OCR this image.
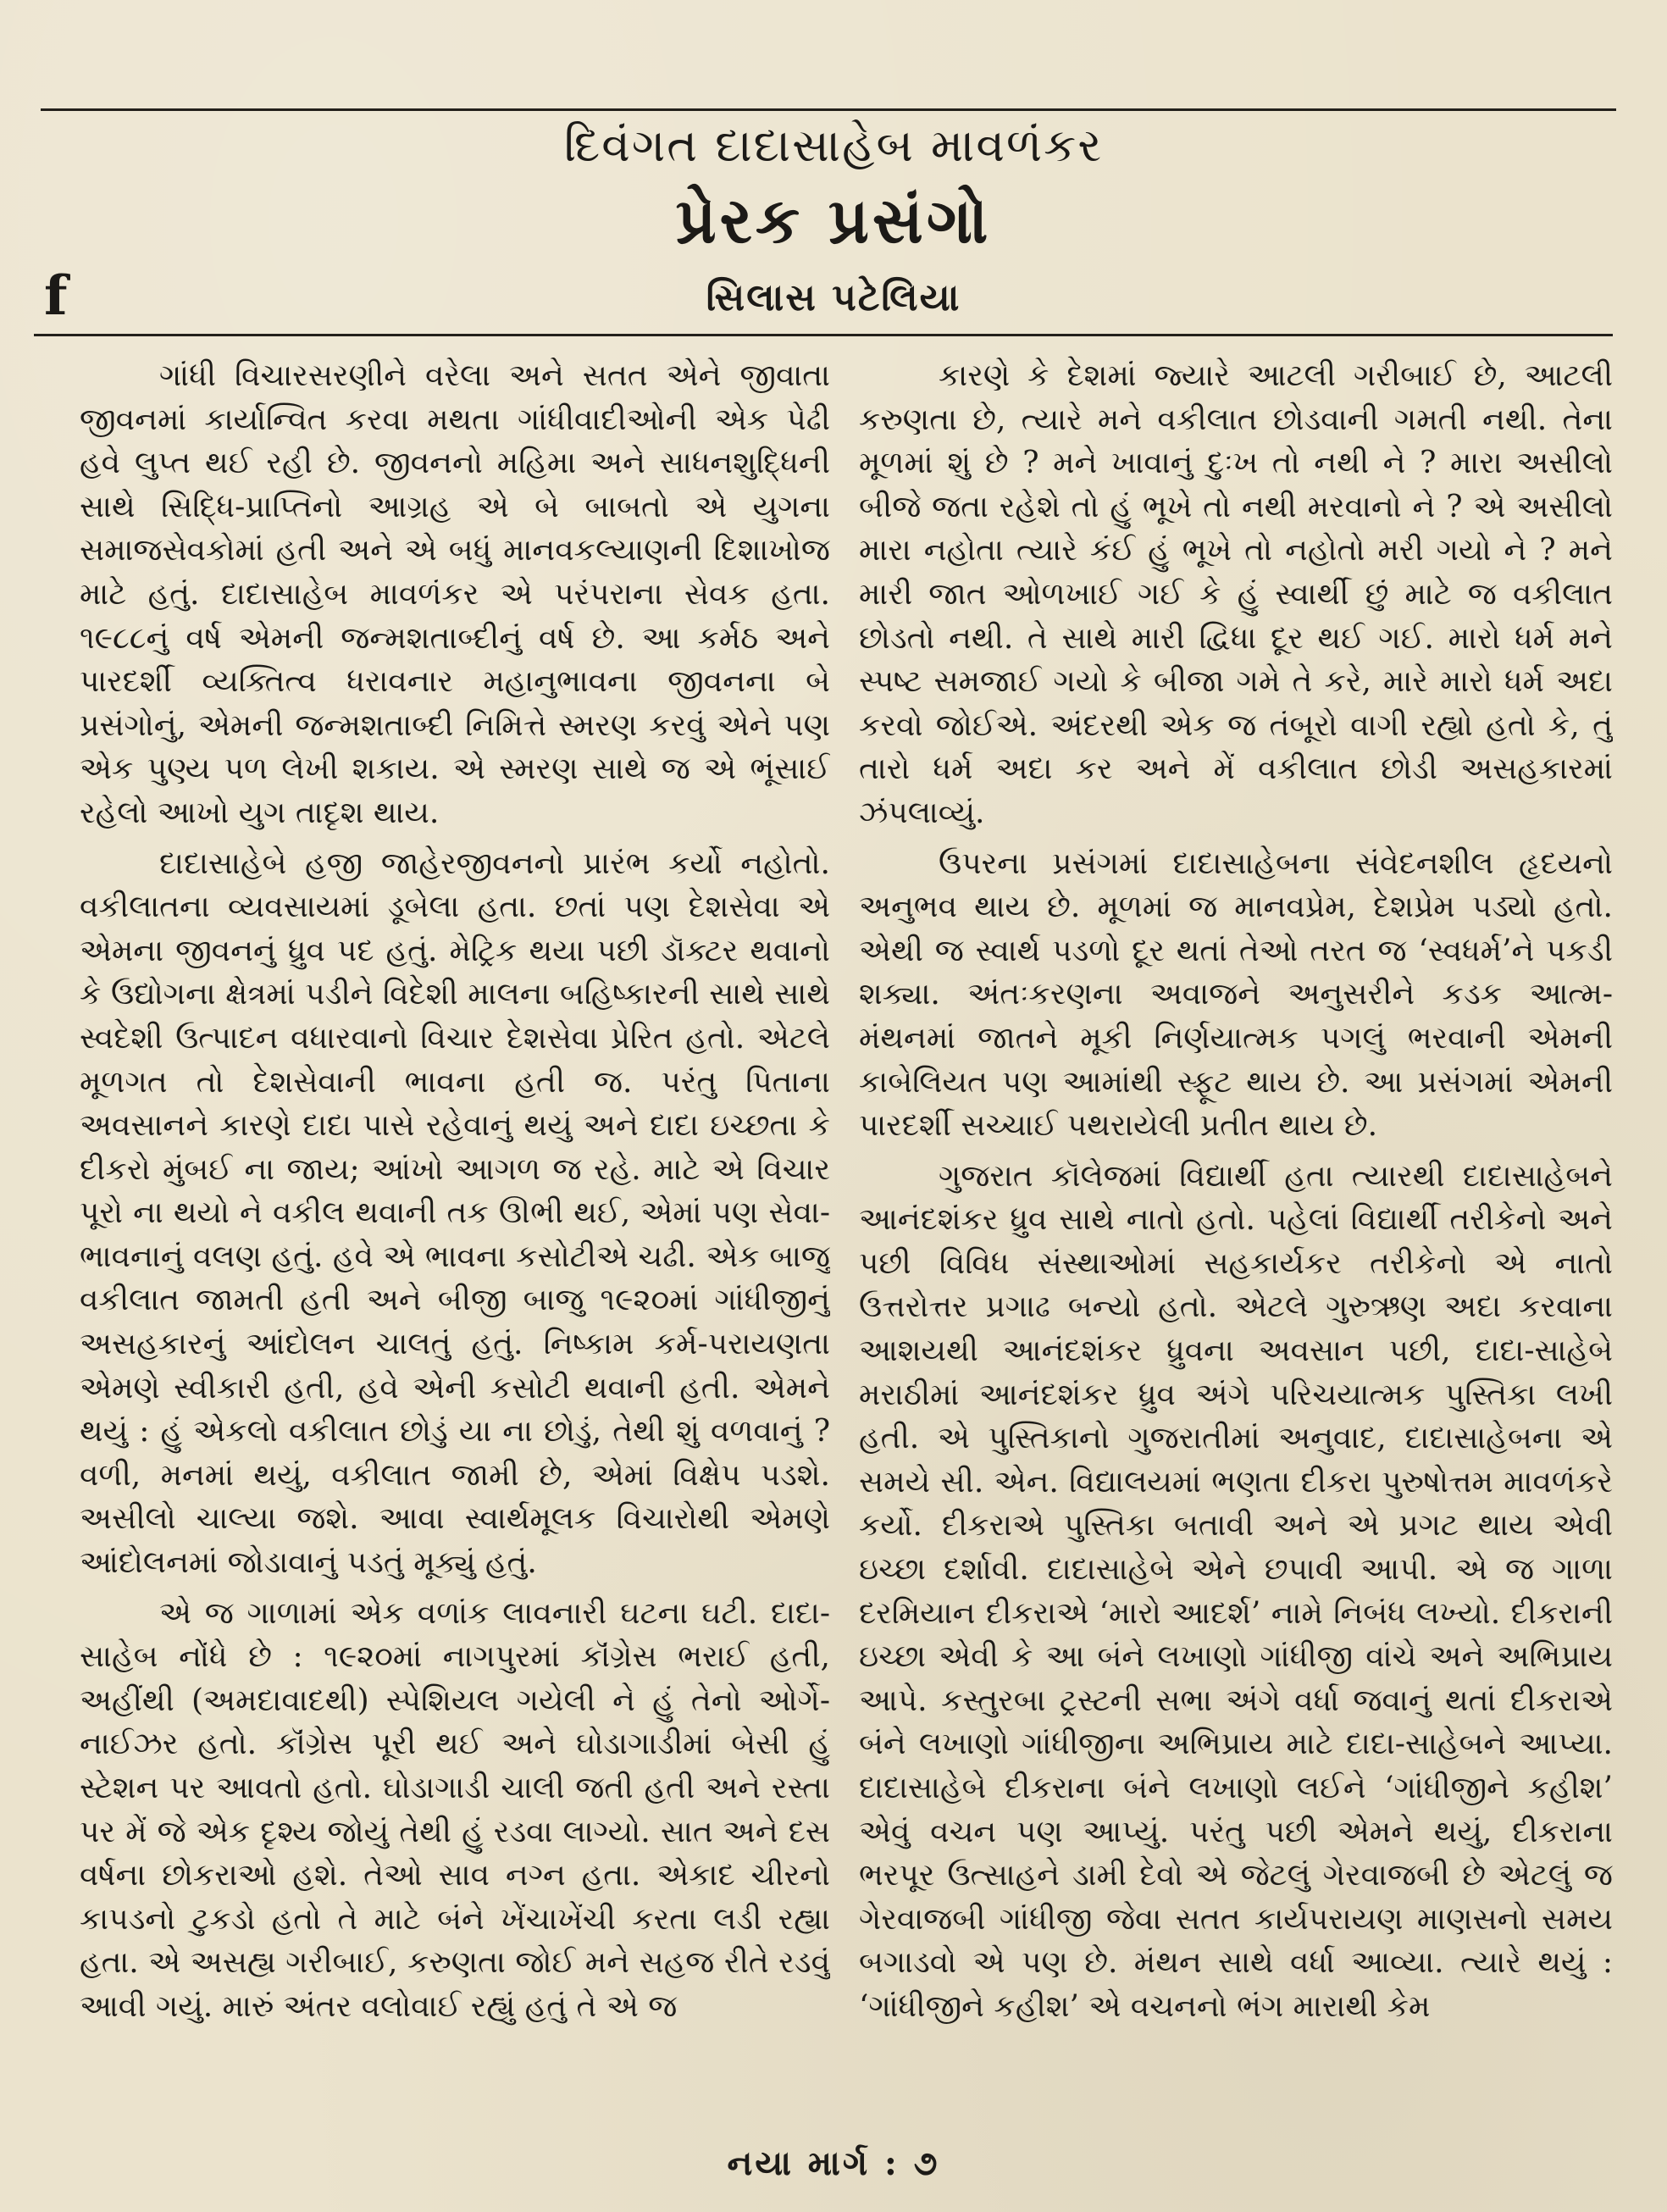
દિવંગત દાદાસાહેબ માવળંકર
પ્રેરક પ્રસંગો
f	સિલાસ પટેલિયા

ગાંધી વિચારસરણીને વરેલા અને સતત એને જીવાતા જીવનમાં કાર્યાન્વિત કરવા મથતા ગાંધીવાદીઓની એક પેઢી હવે લુપ્ત થઈ રહી છે. જીવનનો મહિમા અને સાધનશુદ્ધિની સાથે સિદ્ધિ-પ્રાપ્તિનો આગ્રહ એ બે બાબતો એ યુગના સમાજસેવકોમાં હતી અને એ બધું માનવકલ્યાણની દિશાખોજ માટે હતું. દાદાસાહેબ માવળંકર એ પરંપરાના સેવક હતા. ૧૯૮૮નું વર્ષ એમની જન્મશતાબ્દીનું વર્ષ છે. આ કર્મઠ અને પારદર્શી વ્યક્તિત્વ ધરાવનાર મહાનુભાવના જીવનના બે પ્રસંગોનું, એમની જન્મશતાબ્દી નિમિત્તે સ્મરણ કરવું એને પણ એક પુણ્ય પળ લેખી શકાય. એ સ્મરણ સાથે જ એ ભૂંસાઈ રહેલો આખો યુગ તાદૃશ થાય.

દાદાસાહેબે હજી જાહેરજીવનનો પ્રારંભ કર્યો નહોતો. વકીલાતના વ્યવસાયમાં ડૂબેલા હતા. છતાં પણ દેશસેવા એ એમના જીવનનું ધ્રુવ પદ હતું. મેટ્રિક થયા પછી ડૉક્ટર થવાનો કે ઉદ્યોગના ક્ષેત્રમાં પડીને વિદેશી માલના બહિષ્કારની સાથે સાથે સ્વદેશી ઉત્પાદન વધારવાનો વિચાર દેશસેવા પ્રેરિત હતો. એટલે મૂળગત તો દેશસેવાની ભાવના હતી જ. પરંતુ પિતાના અવસાનને કારણે દાદા પાસે રહેવાનું થયું અને દાદા ઇચ્છતા કે દીકરો મુંબઈ ના જાય; આંખો આગળ જ રહે. માટે એ વિચાર પૂરો ના થયો ને વકીલ થવાની તક ઊભી થઈ, એમાં પણ સેવા-ભાવનાનું વલણ હતું. હવે એ ભાવના કસોટીએ ચઢી. એક બાજુ વકીલાત જામતી હતી અને બીજી બાજુ ૧૯૨૦માં ગાંધીજીનું અસહકારનું આંદોલન ચાલતું હતું. નિષ્કામ કર્મ-પરાયણતા એમણે સ્વીકારી હતી, હવે એની કસોટી થવાની હતી. એમને થયું : હું એકલો વકીલાત છોડું યા ના છોડું, તેથી શું વળવાનું ? વળી, મનમાં થયું, વકીલાત જામી છે, એમાં વિક્ષેપ પડશે. અસીલો ચાલ્યા જશે. આવા સ્વાર્થમૂલક વિચારોથી એમણે આંદોલનમાં જોડાવાનું પડતું મૂક્યું હતું.

એ જ ગાળામાં એક વળાંક લાવનારી ઘટના ઘટી. દાદા-સાહેબ નોંધે છે : ૧૯૨૦માં નાગપુરમાં કૉંગ્રેસ ભરાઈ હતી, અહીંથી (અમદાવાદથી) સ્પેશિયલ ગયેલી ને હું તેનો ઓર્ગે-નાઈઝર હતો. કૉંગ્રેસ પૂરી થઈ અને ઘોડાગાડીમાં બેસી હું સ્ટેશન પર આવતો હતો. ઘોડાગાડી ચાલી જતી હતી અને રસ્તા પર મેં જે એક દૃશ્ય જોયું તેથી હું રડવા લાગ્યો. સાત અને દસ વર્ષના છોકરાઓ હશે. તેઓ સાવ નગ્ન હતા. એકાદ ચીરનો કાપડનો ટુકડો હતો તે માટે બંને ખેંચાખેંચી કરતા લડી રહ્યા હતા. એ અસહ્ય ગરીબાઈ, કરુણતા જોઈ મને સહજ રીતે રડવું આવી ગયું. મારું અંતર વલોવાઈ રહ્યું હતું તે એ જ

કારણે કે દેશમાં જ્યારે આટલી ગરીબાઈ છે, આટલી કરુણતા છે, ત્યારે મને વકીલાત છોડવાની ગમતી નથી. તેના મૂળમાં શું છે ? મને ખાવાનું દુઃખ તો નથી ને ? મારા અસીલો બીજે જતા રહેશે તો હું ભૂખે તો નથી મરવાનો ને ? એ અસીલો મારા નહોતા ત્યારે કંઈ હું ભૂખે તો નહોતો મરી ગયો ને ? મને મારી જાત ઓળખાઈ ગઈ કે હું સ્વાર્થી છું માટે જ વકીલાત છોડતો નથી. તે સાથે મારી દ્વિધા દૂર થઈ ગઈ. મારો ધર્મ મને સ્પષ્ટ સમજાઈ ગયો કે બીજા ગમે તે કરે, મારે મારો ધર્મ અદા કરવો જોઈએ. અંદરથી એક જ તંબૂરો વાગી રહ્યો હતો કે, તું તારો ધર્મ અદા કર અને મેં વકીલાત છોડી અસહકારમાં ઝંપલાવ્યું.

ઉપરના પ્રસંગમાં દાદાસાહેબના સંવેદનશીલ હૃદયનો અનુભવ થાય છે. મૂળમાં જ માનવપ્રેમ, દેશપ્રેમ પડ્યો હતો. એથી જ સ્વાર્થ પડળો દૂર થતાં તેઓ તરત જ ‘સ્વધર્મ’ને પકડી શક્યા. અંતઃકરણના અવાજને અનુસરીને કડક આત્મ-મંથનમાં જાતને મૂકી નિર્ણયાત્મક પગલું ભરવાની એમની કાબેલિયત પણ આમાંથી સ્ફૂટ થાય છે. આ પ્રસંગમાં એમની પારદર્શી સચ્ચાઈ પથરાયેલી પ્રતીત થાય છે.

ગુજરાત કૉલેજમાં વિદ્યાર્થી હતા ત્યારથી દાદાસાહેબને આનંદશંકર ધ્રુવ સાથે નાતો હતો. પહેલાં વિદ્યાર્થી તરીકેનો અને પછી વિવિધ સંસ્થાઓમાં સહકાર્યકર તરીકેનો એ નાતો ઉત્તરોત્તર પ્રગાઢ બન્યો હતો. એટલે ગુરુઋણ અદા કરવાના આશયથી આનંદશંકર ધ્રુવના અવસાન પછી, દાદા-સાહેબે મરાઠીમાં આનંદશંકર ધ્રુવ અંગે પરિચયાત્મક પુસ્તિકા લખી હતી. એ પુસ્તિકાનો ગુજરાતીમાં અનુવાદ, દાદાસાહેબના એ સમયે સી. એન. વિદ્યાલયમાં ભણતા દીકરા પુરુષોત્તમ માવળંકરે કર્યો. દીકરાએ પુસ્તિકા બતાવી અને એ પ્રગટ થાય એવી ઇચ્છા દર્શાવી. દાદાસાહેબે એને છપાવી આપી. એ જ ગાળા દરમિયાન દીકરાએ ‘મારો આદર્શ’ નામે નિબંધ લખ્યો. દીકરાની ઇચ્છા એવી કે આ બંને લખાણો ગાંધીજી વાંચે અને અભિપ્રાય આપે. કસ્તુરબા ટ્રસ્ટની સભા અંગે વર્ધા જવાનું થતાં દીકરાએ બંને લખાણો ગાંધીજીના અભિપ્રાય માટે દાદા-સાહેબને આપ્યા. દાદાસાહેબે દીકરાના બંને લખાણો લઈને ‘ગાંધીજીને કહીશ’ એવું વચન પણ આપ્યું. પરંતુ પછી એમને થયું, દીકરાના ભરપૂર ઉત્સાહને ડામી દેવો એ જેટલું ગેરવાજબી છે એટલું જ ગેરવાજબી ગાંધીજી જેવા સતત કાર્યપરાયણ માણસનો સમય બગાડવો એ પણ છે. મંથન સાથે વર્ધા આવ્યા. ત્યારે થયું : ‘ગાંધીજીને કહીશ’ એ વચનનો ભંગ મારાથી કેમ

નયા માર્ગ : ૭
